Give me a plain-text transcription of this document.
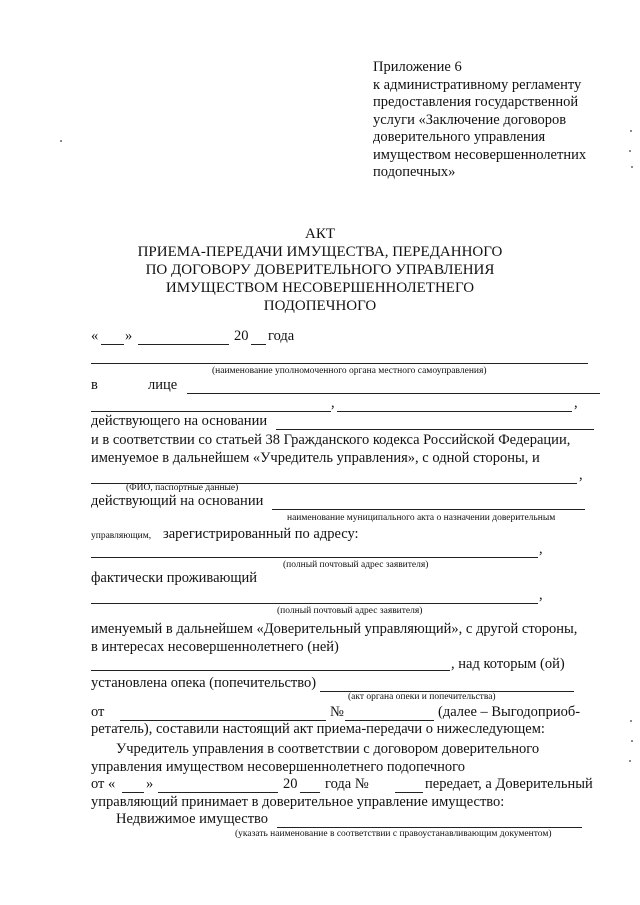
Приложение 6
к административному регламенту
предоставления государственной
услуги «Заключение договоров
доверительного управления
имуществом несовершеннолетних
подопечных»
АКТ
ПРИЕМА-ПЕРЕДАЧИ ИМУЩЕСТВА, ПЕРЕДАННОГО
ПО ДОГОВОРУ ДОВЕРИТЕЛЬНОГО УПРАВЛЕНИЯ
ИМУЩЕСТВОМ НЕСОВЕРШЕННОЛЕТНЕГО
ПОДОПЕЧНОГО
« »	20 года
(наименование уполномоченного органа местного самоуправления)
в	лице
,	,
действующего на основании
и в соответствии со статьей 38 Гражданского кодекса Российской Федерации,
именуемое в дальнейшем «Учредитель управления», с одной стороны, и
,
(ФИО, паспортные данные)
действующий на основании
наименование муниципального акта о назначении доверительным
управляющим, зарегистрированный по адресу:
,
(полный почтовый адрес заявителя)
фактически проживающий
,
(полный почтовый адрес заявителя)
именуемый в дальнейшем «Доверительный управляющий», с другой стороны,
в интересах несовершеннолетнего (ней)
, над которым (ой)
установлена опека (попечительство)
(акт органа опеки и попечительства)
от	№	(далее – Выгодоприоб-
ретатель), составили настоящий акт приема-передачи о нижеследующем:
Учредитель управления в соответствии с договором доверительного
управления имуществом несовершеннолетнего подопечного
от « »	20 года №	передает, а Доверительный
управляющий принимает в доверительное управление имущество:
Недвижимое имущество
(указать наименование в соответствии с правоустанавливающим документом)
